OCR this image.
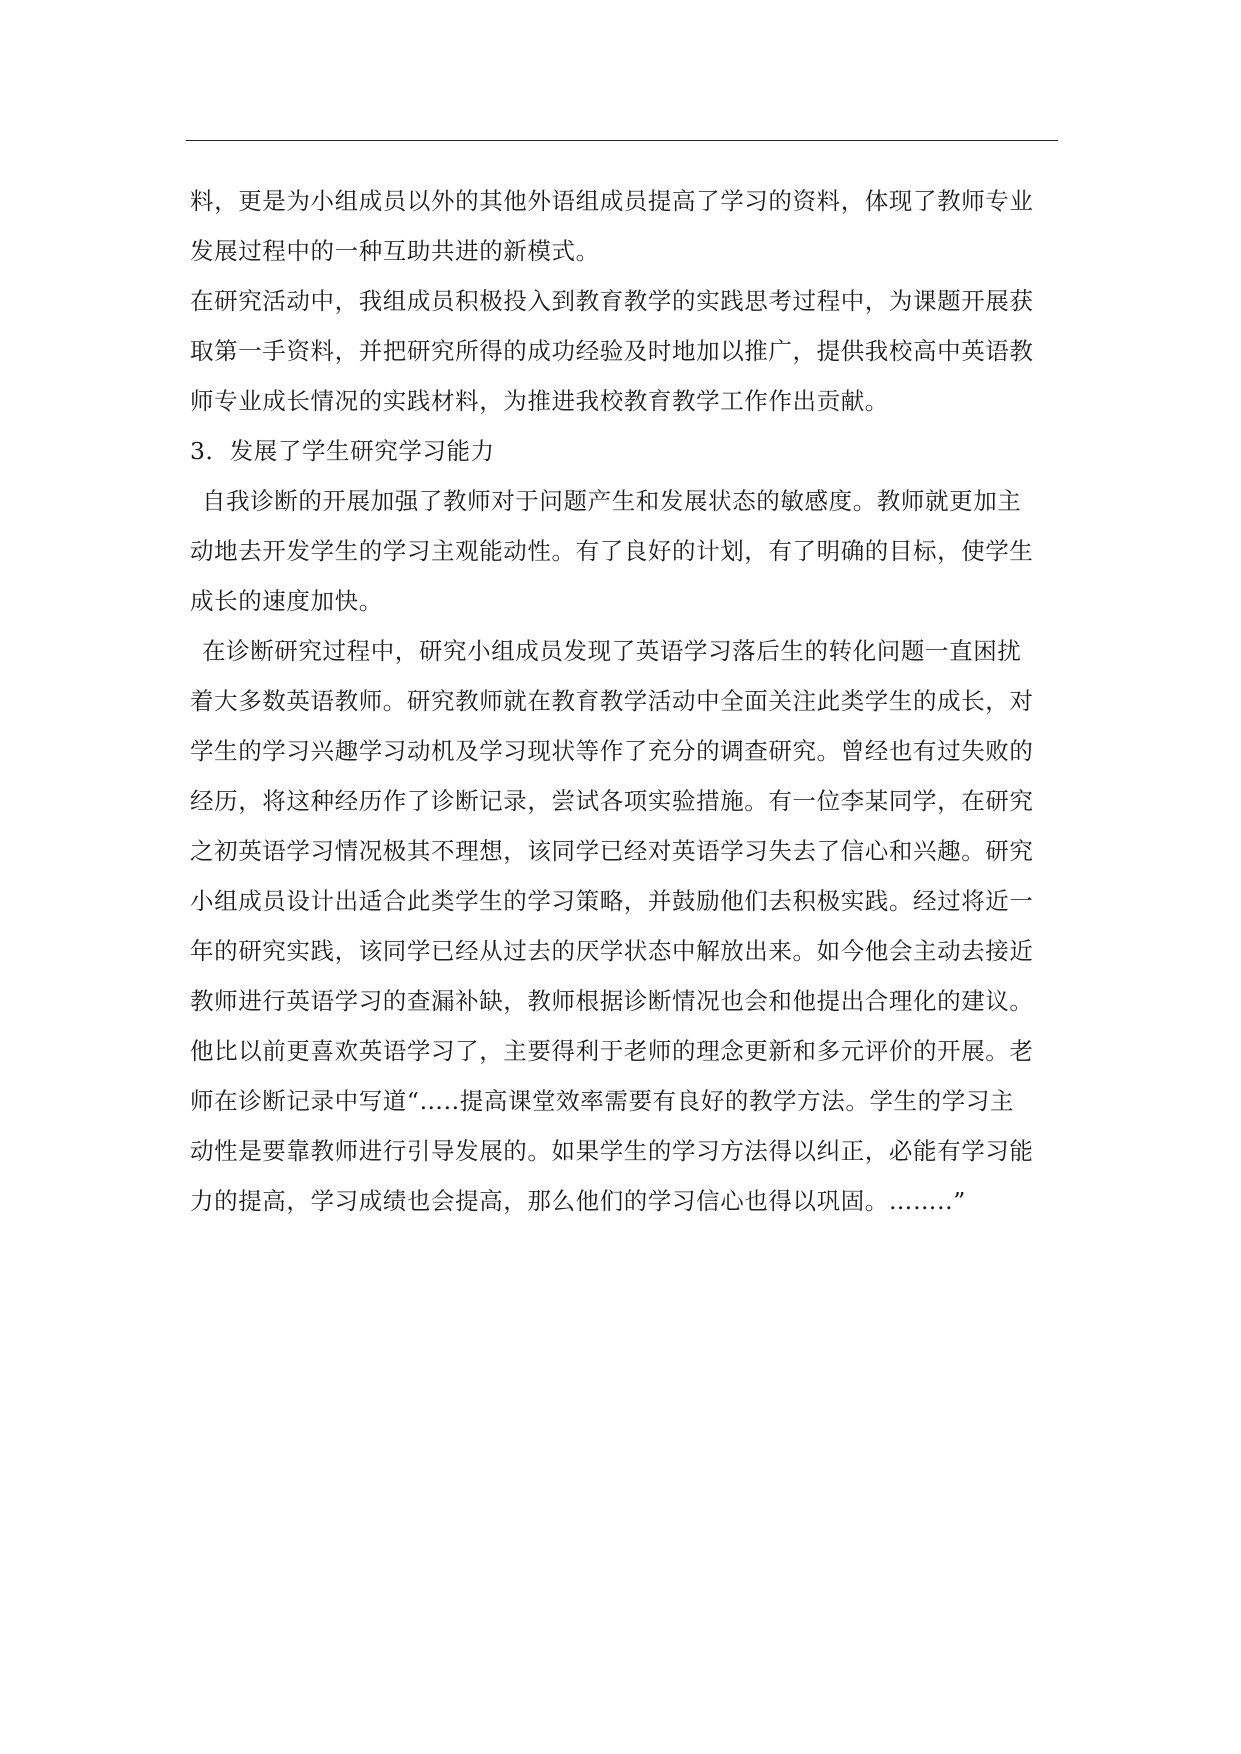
料，更是为小组成员以外的其他外语组成员提高了学习的资料，体现了教师专业
发展过程中的一种互助共进的新模式。
在研究活动中，我组成员积极投入到教育教学的实践思考过程中，为课题开展获
取第一手资料，并把研究所得的成功经验及时地加以推广，提供我校高中英语教
师专业成长情况的实践材料，为推进我校教育教学工作作出贡献。
3．发展了学生研究学习能力
自我诊断的开展加强了教师对于问题产生和发展状态的敏感度。教师就更加主
动地去开发学生的学习主观能动性。有了良好的计划，有了明确的目标，使学生
成长的速度加快。
在诊断研究过程中，研究小组成员发现了英语学习落后生的转化问题一直困扰
着大多数英语教师。研究教师就在教育教学活动中全面关注此类学生的成长，对
学生的学习兴趣学习动机及学习现状等作了充分的调查研究。曾经也有过失败的
经历，将这种经历作了诊断记录，尝试各项实验措施。有一位李某同学，在研究
之初英语学习情况极其不理想，该同学已经对英语学习失去了信心和兴趣。研究
小组成员设计出适合此类学生的学习策略，并鼓励他们去积极实践。经过将近一
年的研究实践，该同学已经从过去的厌学状态中解放出来。如今他会主动去接近
教师进行英语学习的查漏补缺，教师根据诊断情况也会和他提出合理化的建议。
他比以前更喜欢英语学习了，主要得利于老师的理念更新和多元评价的开展。老
师在诊断记录中写道“…..提高课堂效率需要有良好的教学方法。学生的学习主
动性是要靠教师进行引导发展的。如果学生的学习方法得以纠正，必能有学习能
力的提高，学习成绩也会提高，那么他们的学习信心也得以巩固。……..”
